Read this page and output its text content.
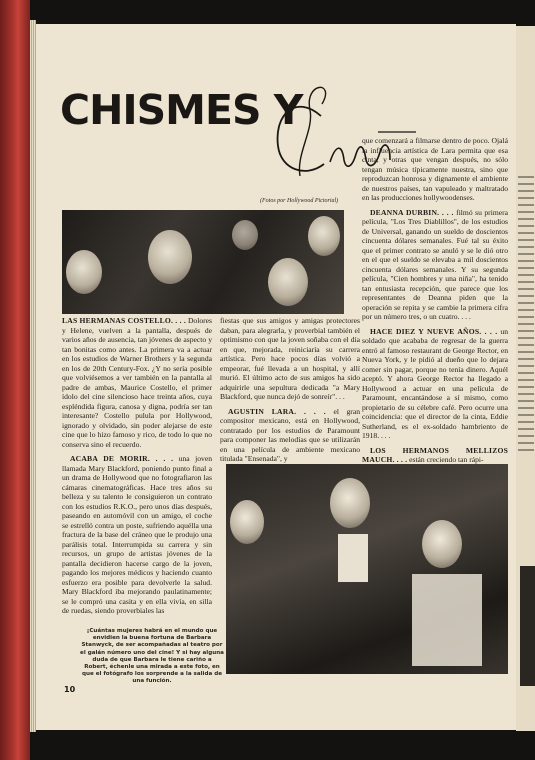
CHISMES Y
(Fotos por Hollywood Pictorial)

LAS HERMANAS COSTELLO. . . . Dolores y Helene, vuelven a la pantalla, después de varios años de ausencia, tan jóvenes de aspecto y tan bonitas como antes. La primera va a actuar en los estudios de Warner Brothers y la segunda en los de 20th Century-Fox. ¿Y no sería posible que volviésemos a ver también en la pantalla al padre de ambas, Maurice Costello, el primer ídolo del cine silencioso hace treinta años, cuya espléndida figura, canosa y digna, podría ser tan interesante? Costello pulula por Hollywood, ignorado y olvidado, sin poder alejarse de este cine que lo hizo famoso y rico, de todo lo que no conserva sino el recuerdo.

ACABA DE MORIR. . . . una joven llamada Mary Blackford, poniendo punto final a un drama de Hollywood que no fotografiaron las cámaras cinematográficas. Hace tres años su belleza y su talento le consiguieron un contrato con los estudios R.K.O., pero unos días después, paseando en automóvil con un amigo, el coche se estrelló contra un poste, sufriendo aquélla una fractura de la base del cráneo que le produjo una parálisis total. Interrumpida su carrera y sin recursos, un grupo de artistas jóvenes de la pantalla decidieron hacerse cargo de la joven, pagando los mejores médicos y haciendo cuanto esfuerzo era posible para devolverle la salud. Mary Blackford iba mejorando paulatinamente; se le compró una casita y en ella vivía, en silla de ruedas, siendo proverbiales las

fiestas que sus amigos y amigas protectores daban, para alegrarla, y proverbial también el optimismo con que la joven soñaba con el día en que, mejorada, reiniciaría su carrera artística. Pero hace pocos días volvió a empeorar, fué llevada a un hospital, y allí murió. El último acto de sus amigos ha sido adquirirle una sepultura dedicada "a Mary Blackford, que nunca dejó de sonreír". . .

AGUSTIN LARA. . . . el gran compositor mexicano, está en Hollywood, contratado por los estudios de Paramount para componer las melodías que se utilizarán en una película de ambiente mexicano titulada "Ensenada", y

que comenzará a filmarse dentro de poco. Ojalá la influencia artística de Lara permita que esa cinta, y otras que vengan después, no sólo tengan música típicamente nuestra, sino que reproduzcan honrosa y dignamente el ambiente de nuestros países, tan vapuleado y maltratado en las producciones hollywoodenses.

DEANNA DURBIN. . . . filmó su primera película, "Los Tres Diablillos", de los estudios de Universal, ganando un sueldo de doscientos cincuenta dólares semanales. Fué tal su éxito que el primer contrato se anuló y se le dió otro en el que el sueldo se elevaba a mil doscientos cincuenta dólares semanales. Y su segunda película, "Cien hombres y una niña", ha tenido tan entusiasta recepción, que parece que los representantes de Deanna piden que la operación se repita y se cambie la primera cifra por un número tres, o un cuatro. . . .

HACE DIEZ Y NUEVE AÑOS. . . . un soldado que acababa de regresar de la guerra entró al famoso restaurant de George Rector, en Nueva York, y le pidió al dueño que lo dejara comer sin pagar, porque no tenía dinero. Aquél aceptó. Y ahora George Rector ha llegado a Hollywood a actuar en una película de Paramount, encantándose a sí mismo, como propietario de su célebre café. Pero ocurre una coincidencia: que el director de la cinta, Eddie Sutherland, es el ex-soldado hambriento de 1918. . . .

LOS HERMANOS MELLIZOS MAUCH. . . . están creciendo tan rápi-

¡Cuántas mujeres habrá en el mundo que envidien la buena fortuna de Barbara Stanwyck, de ser acompañadas al teatro por el galán número uno del cine! Y si hay alguna duda de que Barbara le tiene cariño a Robert, échenle una mirada a este foto, en que el fotógrafo los sorprende a la salida de una función.
10
